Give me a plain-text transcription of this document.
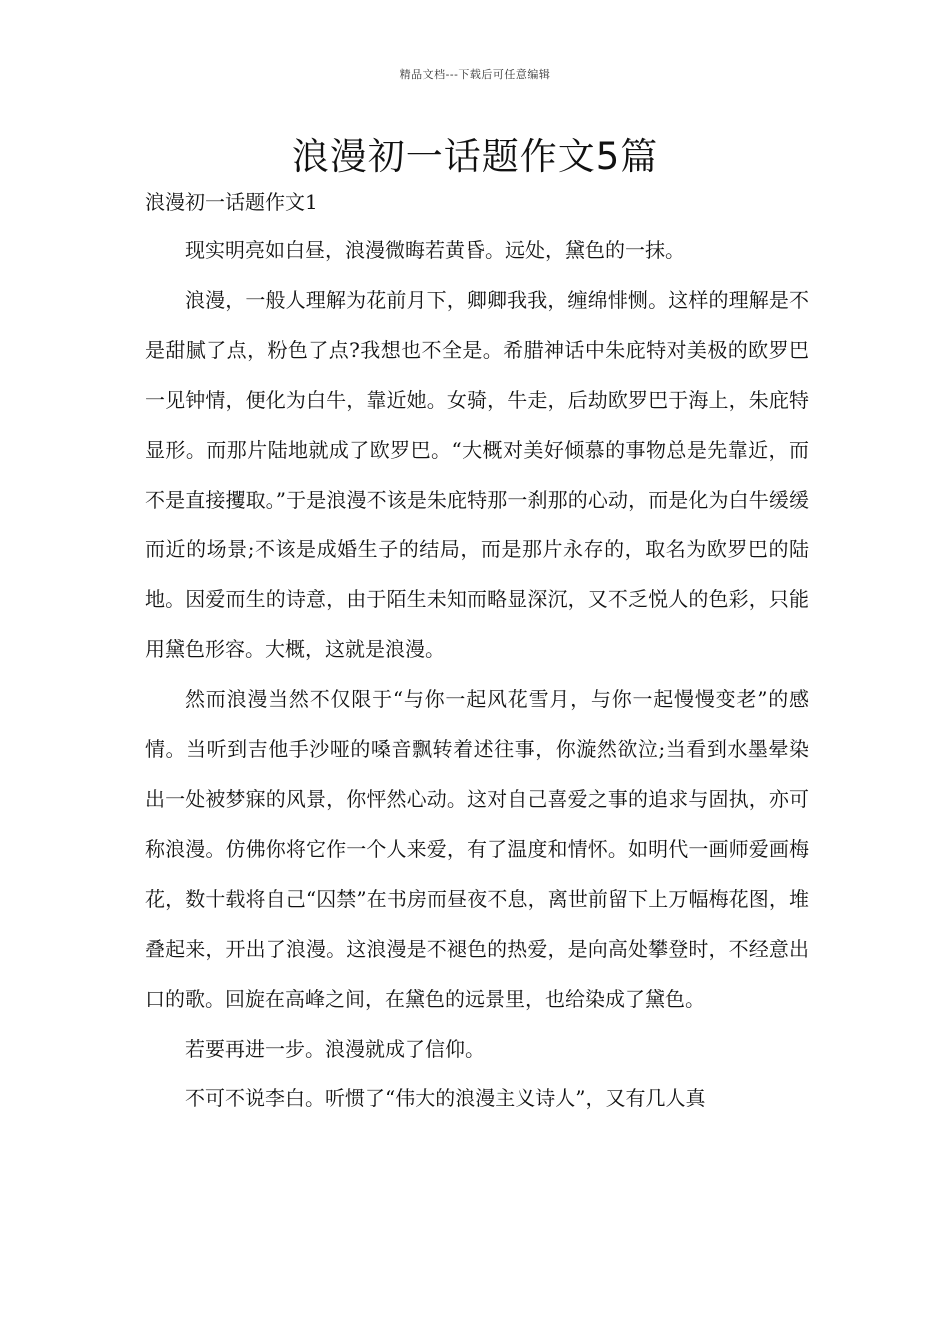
精品文档---下载后可任意编辑
浪漫初一话题作文5篇
浪漫初一话题作文1

现实明亮如白昼，浪漫微晦若黄昏。远处，黛色的一抹。

浪漫，一般人理解为花前月下，卿卿我我，缠绵悱恻。这样的理解是不是甜腻了点，粉色了点?我想也不全是。希腊神话中朱庇特对美极的欧罗巴一见钟情，便化为白牛，靠近她。女骑，牛走，后劫欧罗巴于海上，朱庇特显形。而那片陆地就成了欧罗巴。“大概对美好倾慕的事物总是先靠近，而不是直接攫取。”于是浪漫不该是朱庇特那一刹那的心动，而是化为白牛缓缓而近的场景;不该是成婚生子的结局，而是那片永存的，取名为欧罗巴的陆地。因爱而生的诗意，由于陌生未知而略显深沉，又不乏悦人的色彩，只能用黛色形容。大概，这就是浪漫。

然而浪漫当然不仅限于“与你一起风花雪月，与你一起慢慢变老”的感情。当听到吉他手沙哑的嗓音飘转着述往事，你漩然欲泣;当看到水墨晕染出一处被梦寐的风景，你怦然心动。这对自己喜爱之事的追求与固执，亦可称浪漫。仿佛你将它作一个人来爱，有了温度和情怀。如明代一画师爱画梅花，数十载将自己“囚禁”在书房而昼夜不息，离世前留下上万幅梅花图，堆叠起来，开出了浪漫。这浪漫是不褪色的热爱，是向高处攀登时，不经意出口的歌。回旋在高峰之间，在黛色的远景里，也给染成了黛色。

若要再进一步。浪漫就成了信仰。

不可不说李白。听惯了“伟大的浪漫主义诗人”，又有几人真
